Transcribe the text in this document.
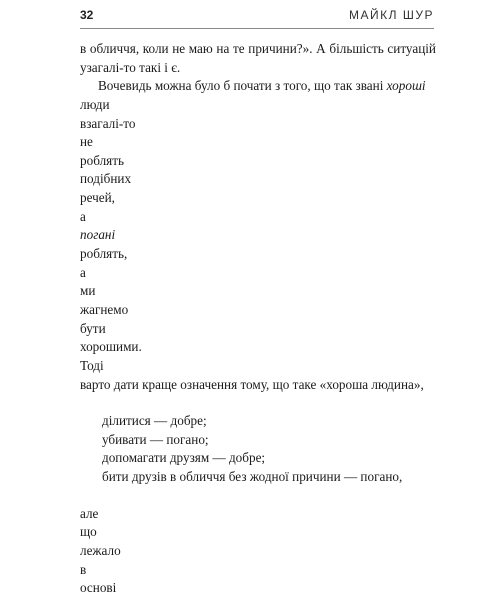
32	МАЙКЛ ШУР
в обличчя, коли не маю на те причини?». А більшість ситуацій
узагалі-то такі і є.
Вочевидь можна було б почати з того, що так звані хороші
люди
взагалі-то
не
роблять
подібних
речей,
а
погані
роблять,
а
ми
жагнемо
бути
хорошими.
Тоді
варто дати краще означення тому, що таке «хороша людина»,
ділитися — добре;
убивати — погано;
допомагати друзям — добре;
бити друзів в обличчя без жодної причини — погано,
але
що
лежало
в
основі
